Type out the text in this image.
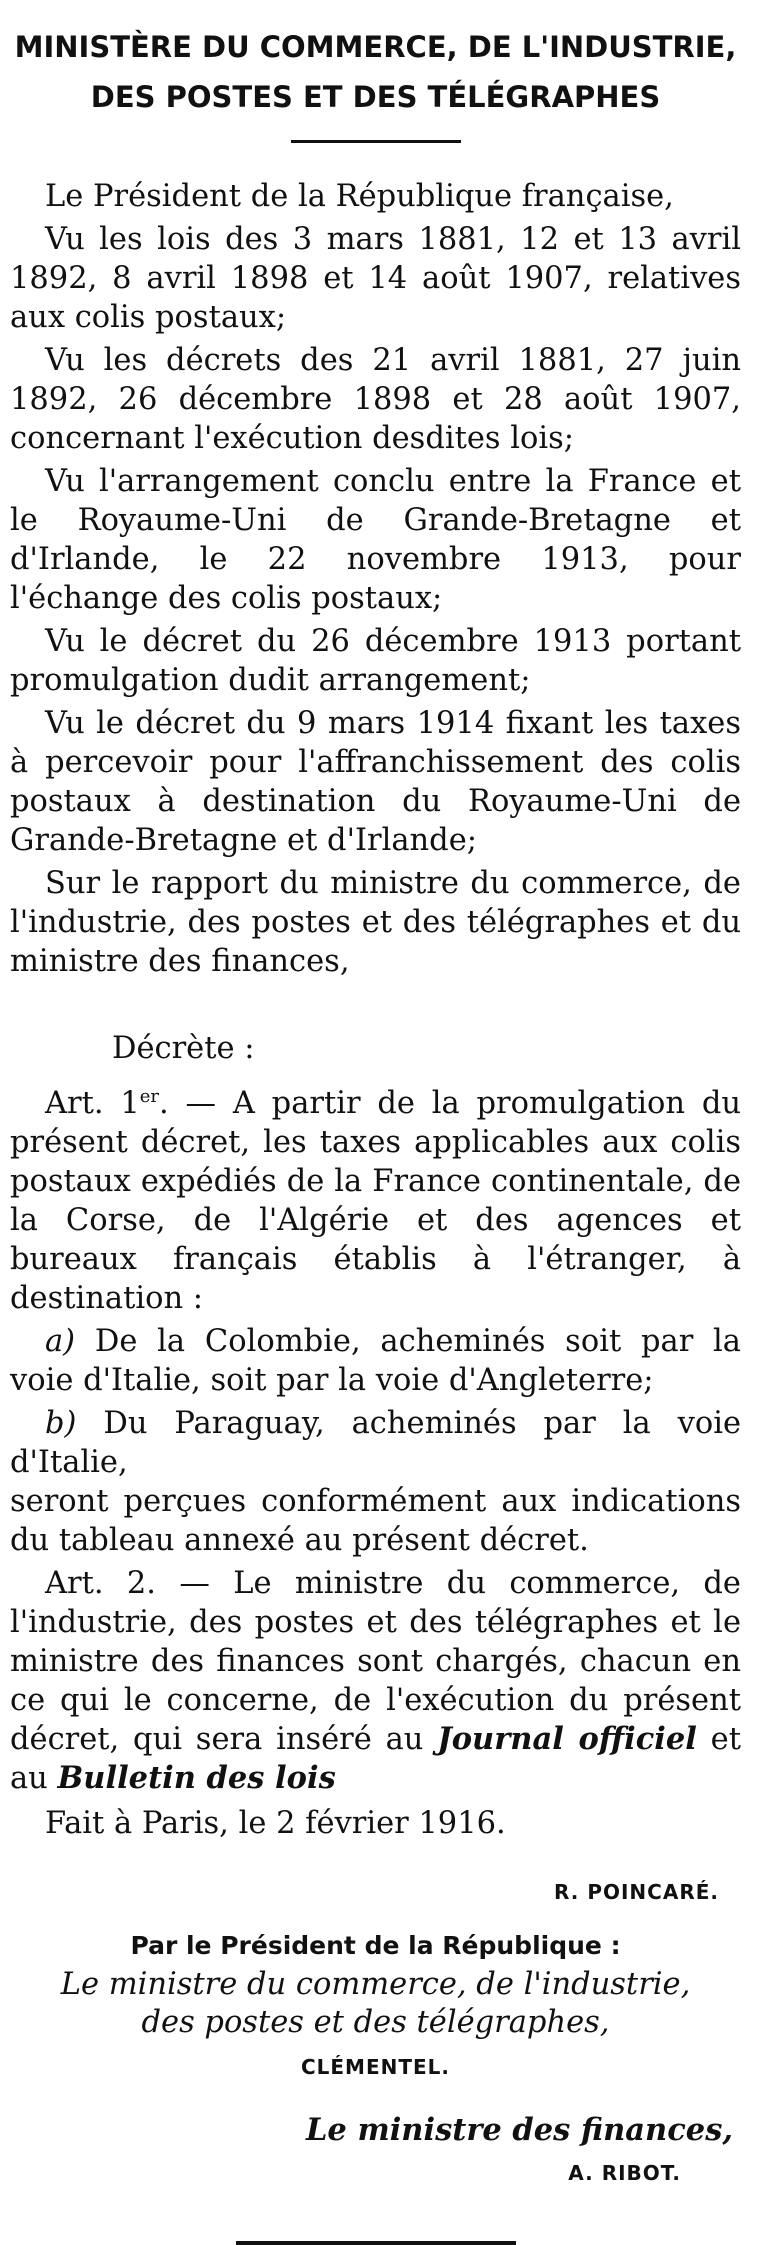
MINISTÈRE DU COMMERCE, DE L'INDUSTRIE,
DES POSTES ET DES TÉLÉGRAPHES

Le Président de la République française,

Vu les lois des 3 mars 1881, 12 et 13 avril 1892, 8 avril 1898 et 14 août 1907, relatives aux colis postaux;

Vu les décrets des 21 avril 1881, 27 juin 1892, 26 décembre 1898 et 28 août 1907, concernant l'exécution desdites lois;

Vu l'arrangement conclu entre la France et le Royaume-Uni de Grande-Bretagne et d'Irlande, le 22 novembre 1913, pour l'échange des colis postaux;

Vu le décret du 26 décembre 1913 portant promulgation dudit arrangement;

Vu le décret du 9 mars 1914 fixant les taxes à percevoir pour l'affranchissement des colis postaux à destination du Royaume-Uni de Grande-Bretagne et d'Irlande;

Sur le rapport du ministre du commerce, de l'industrie, des postes et des télégraphes et du ministre des finances,

Décrète :

Art. 1er. — A partir de la promulgation du présent décret, les taxes applicables aux colis postaux expédiés de la France continentale, de la Corse, de l'Algérie et des agences et bureaux français établis à l'étranger, à destination :

a) De la Colombie, acheminés soit par la voie d'Italie, soit par la voie d'Angleterre;

b) Du Paraguay, acheminés par la voie d'Italie,

seront perçues conformément aux indications du tableau annexé au présent décret.

Art. 2. — Le ministre du commerce, de l'industrie, des postes et des télégraphes et le ministre des finances sont chargés, chacun en ce qui le concerne, de l'exécution du présent décret, qui sera inséré au Journal officiel et au Bulletin des lois

Fait à Paris, le 2 février 1916.

R. POINCARÉ.
Par le Président de la République :
Le ministre du commerce, de l'industrie,
des postes et des télégraphes,
CLÉMENTEL.
Le ministre des finances,
A. RIBOT.
